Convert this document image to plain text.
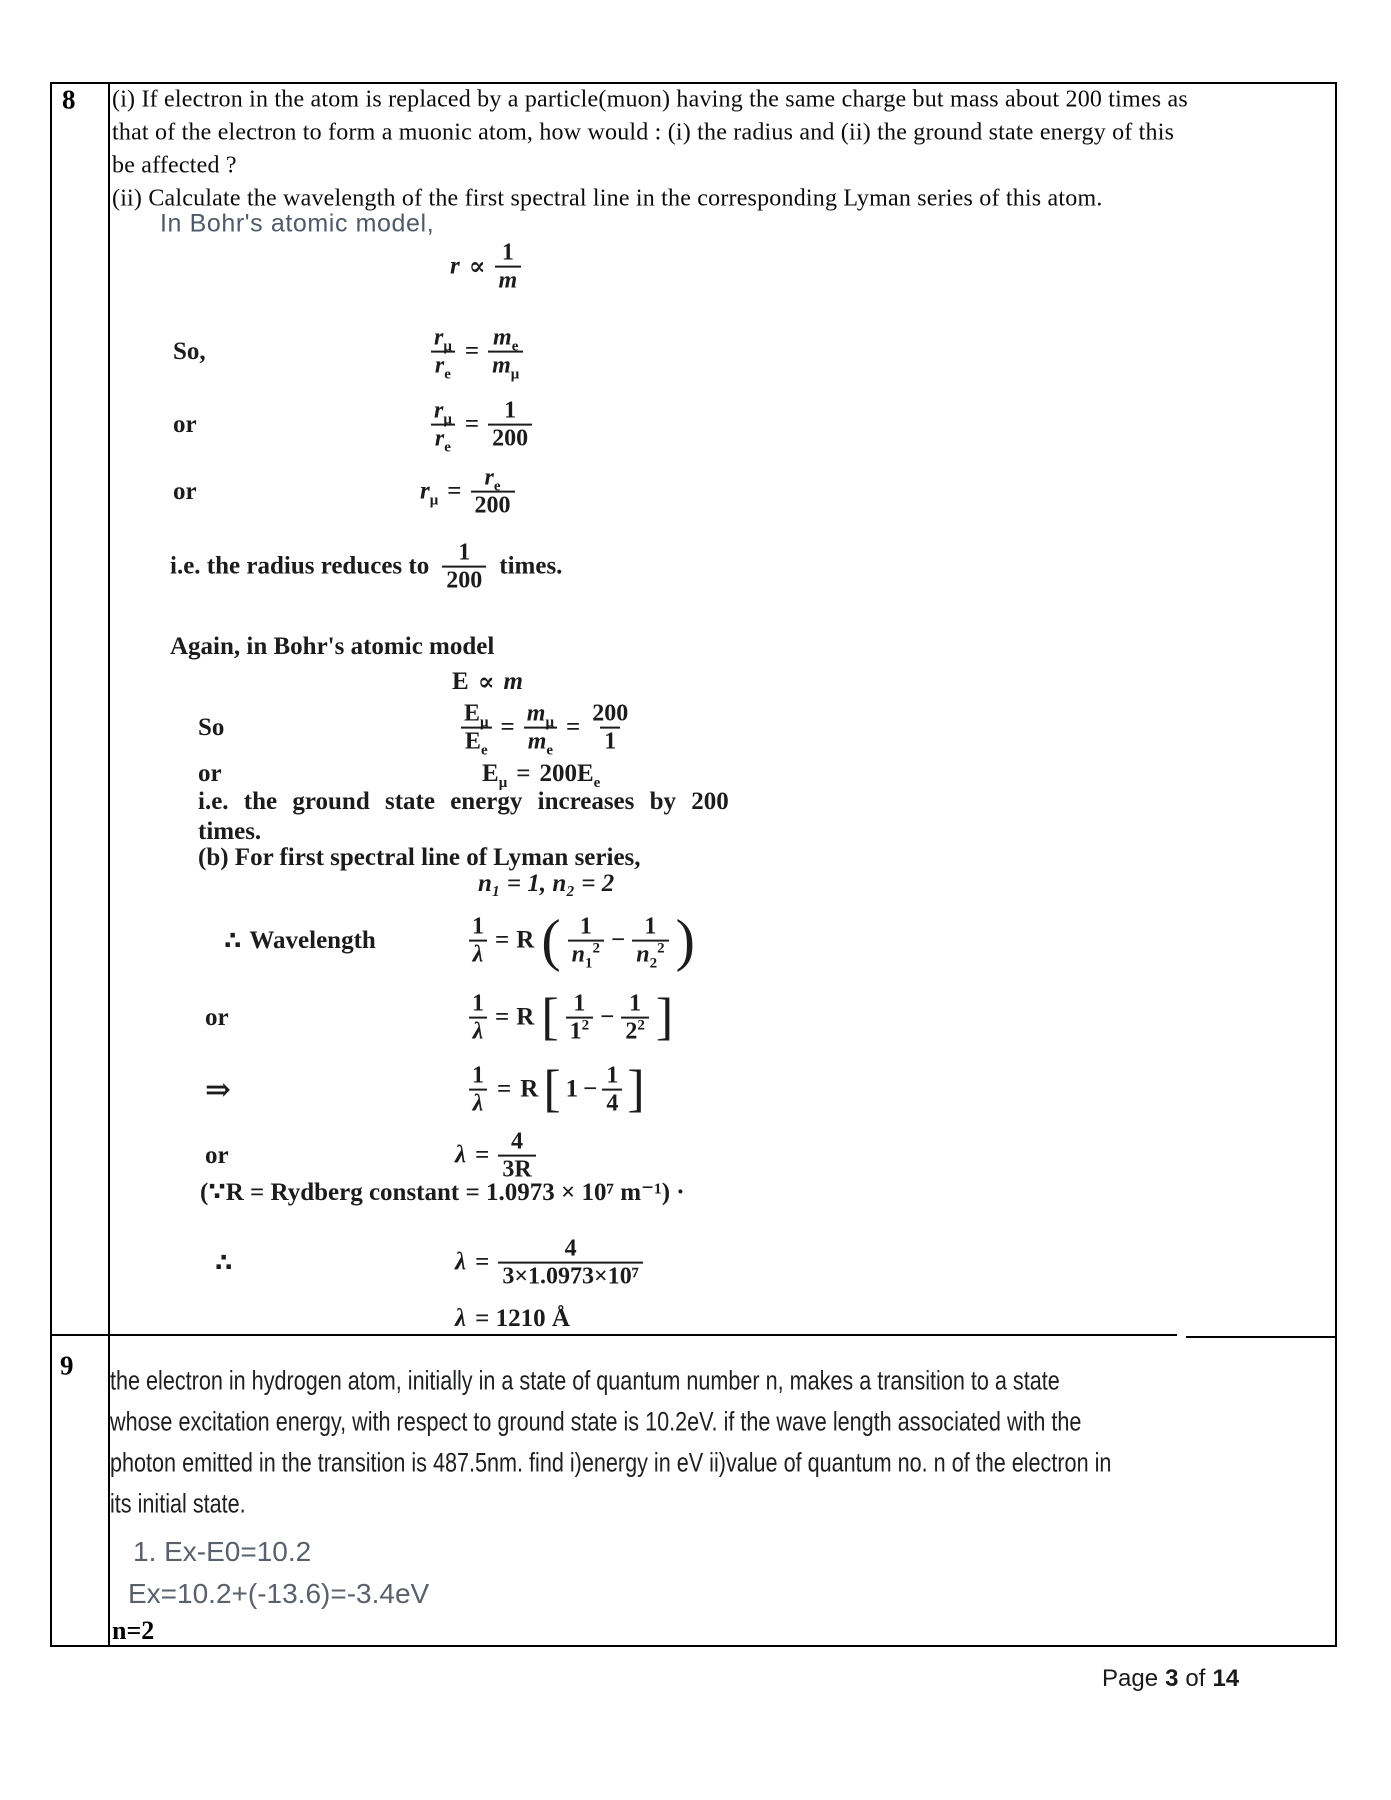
8 (i) If electron in the atom is replaced by a particle(muon) having the same charge but mass about 200 times as
that of the electron to form a muonic atom, how would : (i) the radius and (ii) the ground state energy of this
be affected ?
(ii) Calculate the wavelength of the first spectral line in the corresponding Lyman series of this atom.
In Bohr's atomic model,
r ∝
1
m
So,	$\frac{r_\mu}{r_e} = \frac{m_e}{m_\mu}$
or	$\frac{r_\mu}{r_e} = \frac{1}{200}$
or	$r_\mu = \frac{r_e}{200}$
i.e. the radius reduces to
1
200
times.
Again, in Bohr's atomic model
E ∝ m
So	$\frac{E_\mu}{E_e} = \frac{m_\mu}{m_e} = \frac{200}{1}$
or	$E_\mu = 200E_e$
i.e. the ground state energy increases by 200
times.
(b) For first spectral line of Lyman series,
n₁ = 1, n₂ = 2
∴ Wavelength	$\frac{1}{\lambda} = R$ ( 1
$n_1^2 - \frac{1}{n_2^2}$ )
or	$\frac{1}{\lambda} = R$ [ 1
$1^2 - \frac{1}{2^2}$ ]
⇒	$\frac{1}{\lambda} = R$ [ $1 - \frac{1}{4}$ ]
or	$\lambda = \frac{4}{3R}$
(∵R = Rydberg constant = 1.0973 × 10⁷ m⁻¹) ·
∴	$\lambda = \frac{4}{\text{3×1.0973×10⁷}}$
λ = 1210 Å
9 the electron in hydrogen atom, initially in a state of quantum number n, makes a transition to a state
whose excitation energy, with respect to ground state is 10.2eV. if the wave length associated with the
photon emitted in the transition is 487.5nm. find i)energy in eV ii)value of quantum no. n of the electron in
its initial state.
1. Ex-E0=10.2
Ex=10.2+(-13.6)=-3.4eV
n=2
Page 3 of 14
